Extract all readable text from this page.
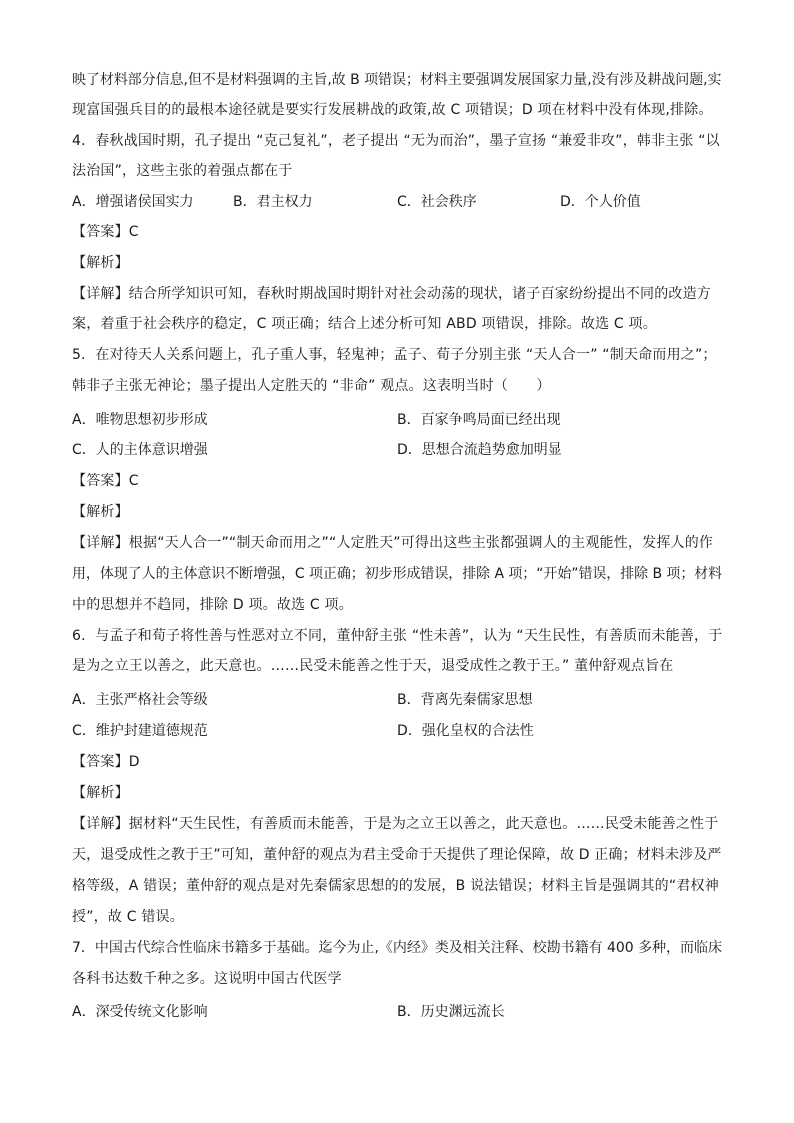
映了材料部分信息,但不是材料强调的主旨,故 B 项错误；材料主要强调发展国家力量,没有涉及耕战问题,实
现富国强兵目的的最根本途径就是要实行发展耕战的政策,故 C 项错误；D 项在材料中没有体现,排除。
4．春秋战国时期，孔子提出 “克己复礼”，老子提出 “无为而治”，墨子宣扬 “兼爱非攻”，韩非主张 “以
法治国”，这些主张的着强点都在于
A．增强诸侯国实力	B．君主权力	C．社会秩序	D．个人价值
【答案】C
【解析】
【详解】结合所学知识可知，春秋时期战国时期针对社会动荡的现状，诸子百家纷纷提出不同的改造方
案，着重于社会秩序的稳定，C 项正确；结合上述分析可知 ABD 项错误，排除。故选 C 项。
5．在对待天人关系问题上，孔子重人事，轻鬼神；孟子、荀子分别主张 “天人合一” “制天命而用之”；
韩非子主张无神论；墨子提出人定胜天的 “非命” 观点。这表明当时（　　）
A．唯物思想初步形成	B．百家争鸣局面已经出现
C．人的主体意识增强	D．思想合流趋势愈加明显
【答案】C
【解析】
【详解】根据“天人合一”“制天命而用之”“人定胜天”可得出这些主张都强调人的主观能性，发挥人的作
用，体现了人的主体意识不断增强，C 项正确；初步形成错误，排除 A 项；“开始”错误，排除 B 项；材料
中的思想并不趋同，排除 D 项。故选 C 项。
6．与孟子和荀子将性善与性恶对立不同，董仲舒主张 “性未善”，认为 “天生民性，有善质而未能善，于
是为之立王以善之，此天意也。……民受未能善之性于天，退受成性之教于王。” 董仲舒观点旨在
A．主张严格社会等级	B．背离先秦儒家思想
C．维护封建道德规范	D．强化皇权的合法性
【答案】D
【解析】
【详解】据材料“天生民性，有善质而未能善，于是为之立王以善之，此天意也。……民受未能善之性于
天，退受成性之教于王”可知，董仲舒的观点为君主受命于天提供了理论保障，故 D 正确；材料未涉及严
格等级，A 错误；董仲舒的观点是对先秦儒家思想的的发展，B 说法错误；材料主旨是强调其的“君权神
授”，故 C 错误。
7．中国古代综合性临床书籍多于基础。迄今为止,《内经》类及相关注释、校勘书籍有 400 多种，而临床
各科书达数千种之多。这说明中国古代医学
A．深受传统文化影响	B．历史渊远流长
